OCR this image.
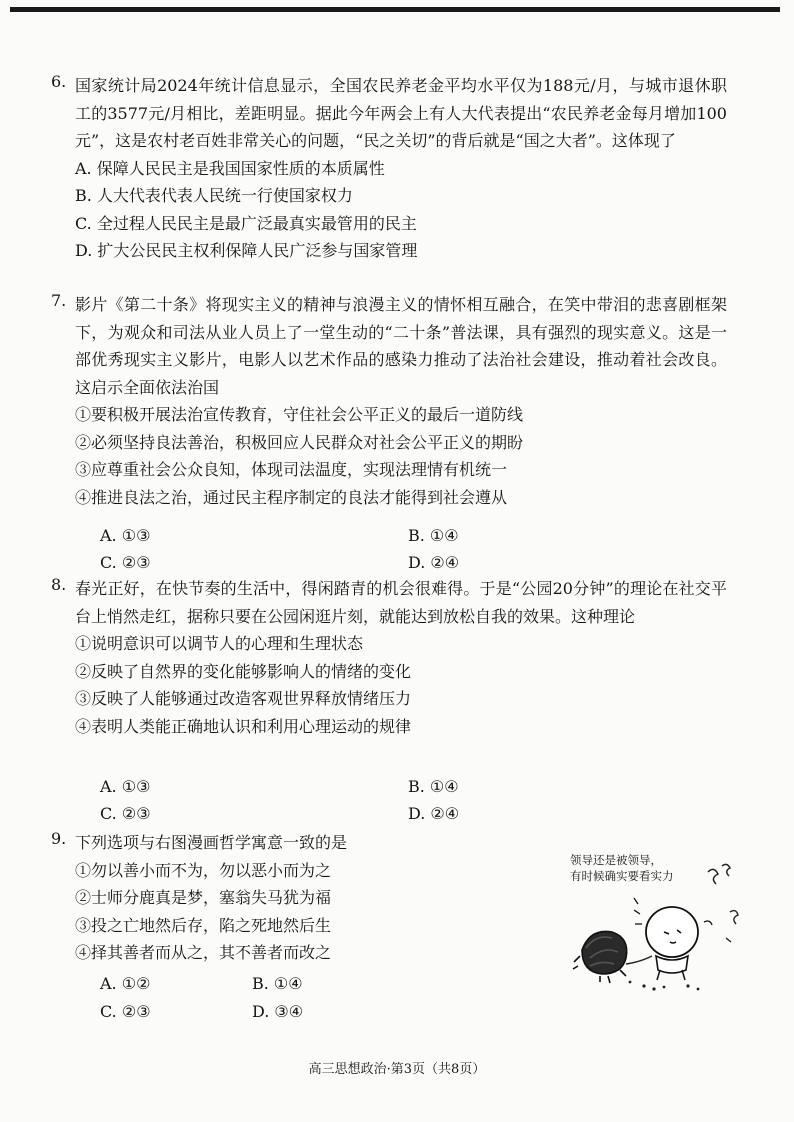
6. 国家统计局2024年统计信息显示，全国农民养老金平均水平仅为188元/月，与城市退休职工的3577元/月相比，差距明显。据此今年两会上有人大代表提出“农民养老金每月增加100元”，这是农村老百姓非常关心的问题，“民之关切”的背后就是“国之大者”。这体现了
A. 保障人民民主是我国国家性质的本质属性
B. 人大代表代表人民统一行使国家权力
C. 全过程人民民主是最广泛最真实最管用的民主
D. 扩大公民民主权利保障人民广泛参与国家管理
7. 影片《第二十条》将现实主义的精神与浪漫主义的情怀相互融合，在笑中带泪的悲喜剧框架下，为观众和司法从业人员上了一堂生动的“二十条”普法课，具有强烈的现实意义。这是一部优秀现实主义影片，电影人以艺术作品的感染力推动了法治社会建设，推动着社会改良。这启示全面依法治国
①要积极开展法治宣传教育，守住社会公平正义的最后一道防线
②必须坚持良法善治，积极回应人民群众对社会公平正义的期盼
③应尊重社会公众良知，体现司法温度，实现法理情有机统一
④推进良法之治，通过民主程序制定的良法才能得到社会遵从
A. ①③	B. ①④
C. ②③	D. ②④
8. 春光正好，在快节奏的生活中，得闲踏青的机会很难得。于是“公园20分钟”的理论在社交平台上悄然走红，据称只要在公园闲逛片刻，就能达到放松自我的效果。这种理论
①说明意识可以调节人的心理和生理状态
②反映了自然界的变化能够影响人的情绪的变化
③反映了人能够通过改造客观世界释放情绪压力
④表明人类能正确地认识和利用心理运动的规律
A. ①③	B. ①④
C. ②③	D. ②④
9. 下列选项与右图漫画哲学寓意一致的是
①勿以善小而不为，勿以恶小而为之
②士师分鹿真是梦，塞翁失马犹为福
③投之亡地然后存，陷之死地然后生
④择其善者而从之，其不善者而改之
A. ①②	B. ①④
C. ②③	D. ③④
领导还是被领导，
有时候确实要看实力
高三思想政治·第3页（共8页）
